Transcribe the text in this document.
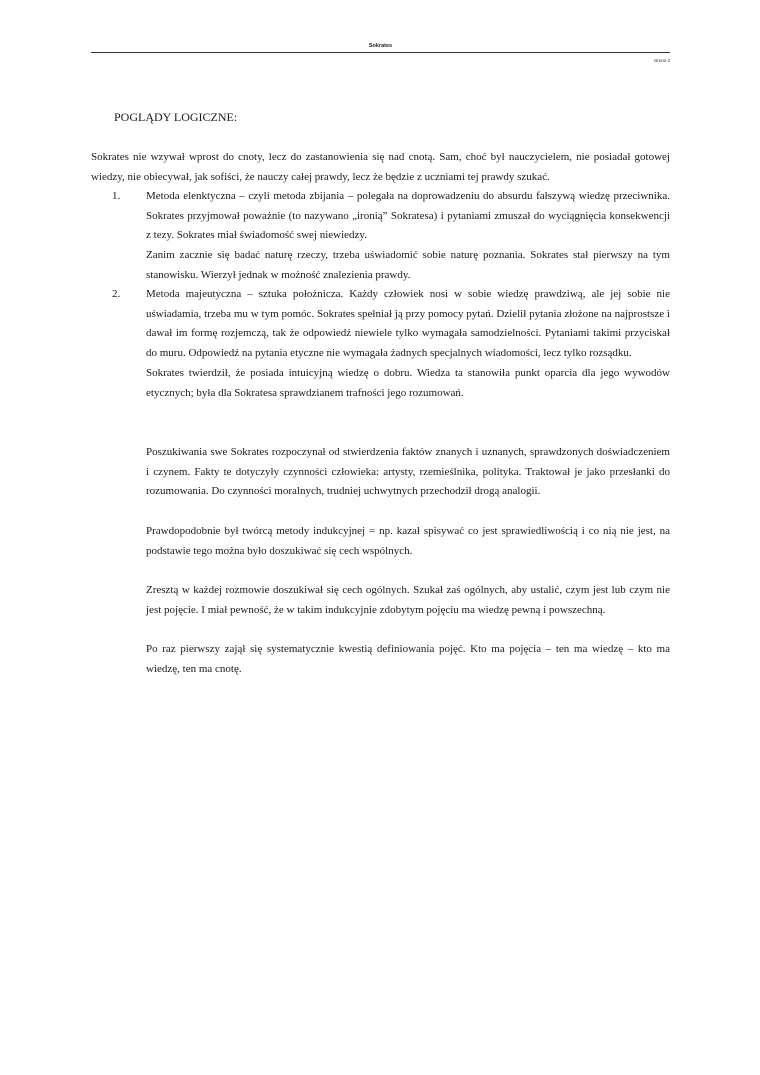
Sokrates
strona 2
POGLĄDY LOGICZNE:

Sokrates nie wzywał wprost do cnoty, lecz do zastanowienia się nad cnotą. Sam, choć był nauczycielem, nie posiadał gotowej wiedzy, nie obiecywał, jak sofiści, że nauczy całej prawdy, lecz że będzie z uczniami tej prawdy szukać.

1. Metoda elenktyczna – czyli metoda zbijania – polegała na doprowadzeniu do absurdu fałszywą wiedzę przeciwnika. Sokrates przyjmował poważnie (to nazywano „ironią” Sokratesa) i pytaniami zmuszał do wyciągnięcia konsekwencji z tezy. Sokrates miał świadomość swej niewiedzy.

Zanim zacznie się badać naturę rzeczy, trzeba uświadomić sobie naturę poznania. Sokrates stał pierwszy na tym stanowisku. Wierzył jednak w możność znalezienia prawdy.

2. Metoda majeutyczna – sztuka położnicza. Każdy człowiek nosi w sobie wiedzę prawdziwą, ale jej sobie nie uświadamia, trzeba mu w tym pomóc. Sokrates spełniał ją przy pomocy pytań. Dzielił pytania złożone na najprostsze i dawał im formę rozjemczą, tak że odpowiedź niewiele tylko wymagała samodzielności. Pytaniami takimi przyciskał do muru. Odpowiedź na pytania etyczne nie wymagała żadnych specjalnych wiadomości, lecz tylko rozsądku.

Sokrates twierdził, że posiada intuicyjną wiedzę o dobru. Wiedza ta stanowiła punkt oparcia dla jego wywodów etycznych; była dla Sokratesa sprawdzianem trafności jego rozumowań.

Poszukiwania swe Sokrates rozpoczynał od stwierdzenia faktów znanych i uznanych, sprawdzonych doświadczeniem i czynem. Fakty te dotyczyły czynności człowieka: artysty, rzemieślnika, polityka. Traktował je jako przesłanki do rozumowania. Do czynności moralnych, trudniej uchwytnych przechodził drogą analogii.

Prawdopodobnie był twórcą metody indukcyjnej = np. kazał spisywać co jest sprawiedliwością i co nią nie jest, na podstawie tego można było doszukiwać się cech wspólnych.

Zresztą w każdej rozmowie doszukiwał się cech ogólnych. Szukał zaś ogólnych, aby ustalić, czym jest lub czym nie jest pojęcie. I miał pewność, że w takim indukcyjnie zdobytym pojęciu ma wiedzę pewną i powszechną.

Po raz pierwszy zajął się systematycznie kwestią definiowania pojęć. Kto ma pojęcia – ten ma wiedzę – kto ma wiedzę, ten ma cnotę.
